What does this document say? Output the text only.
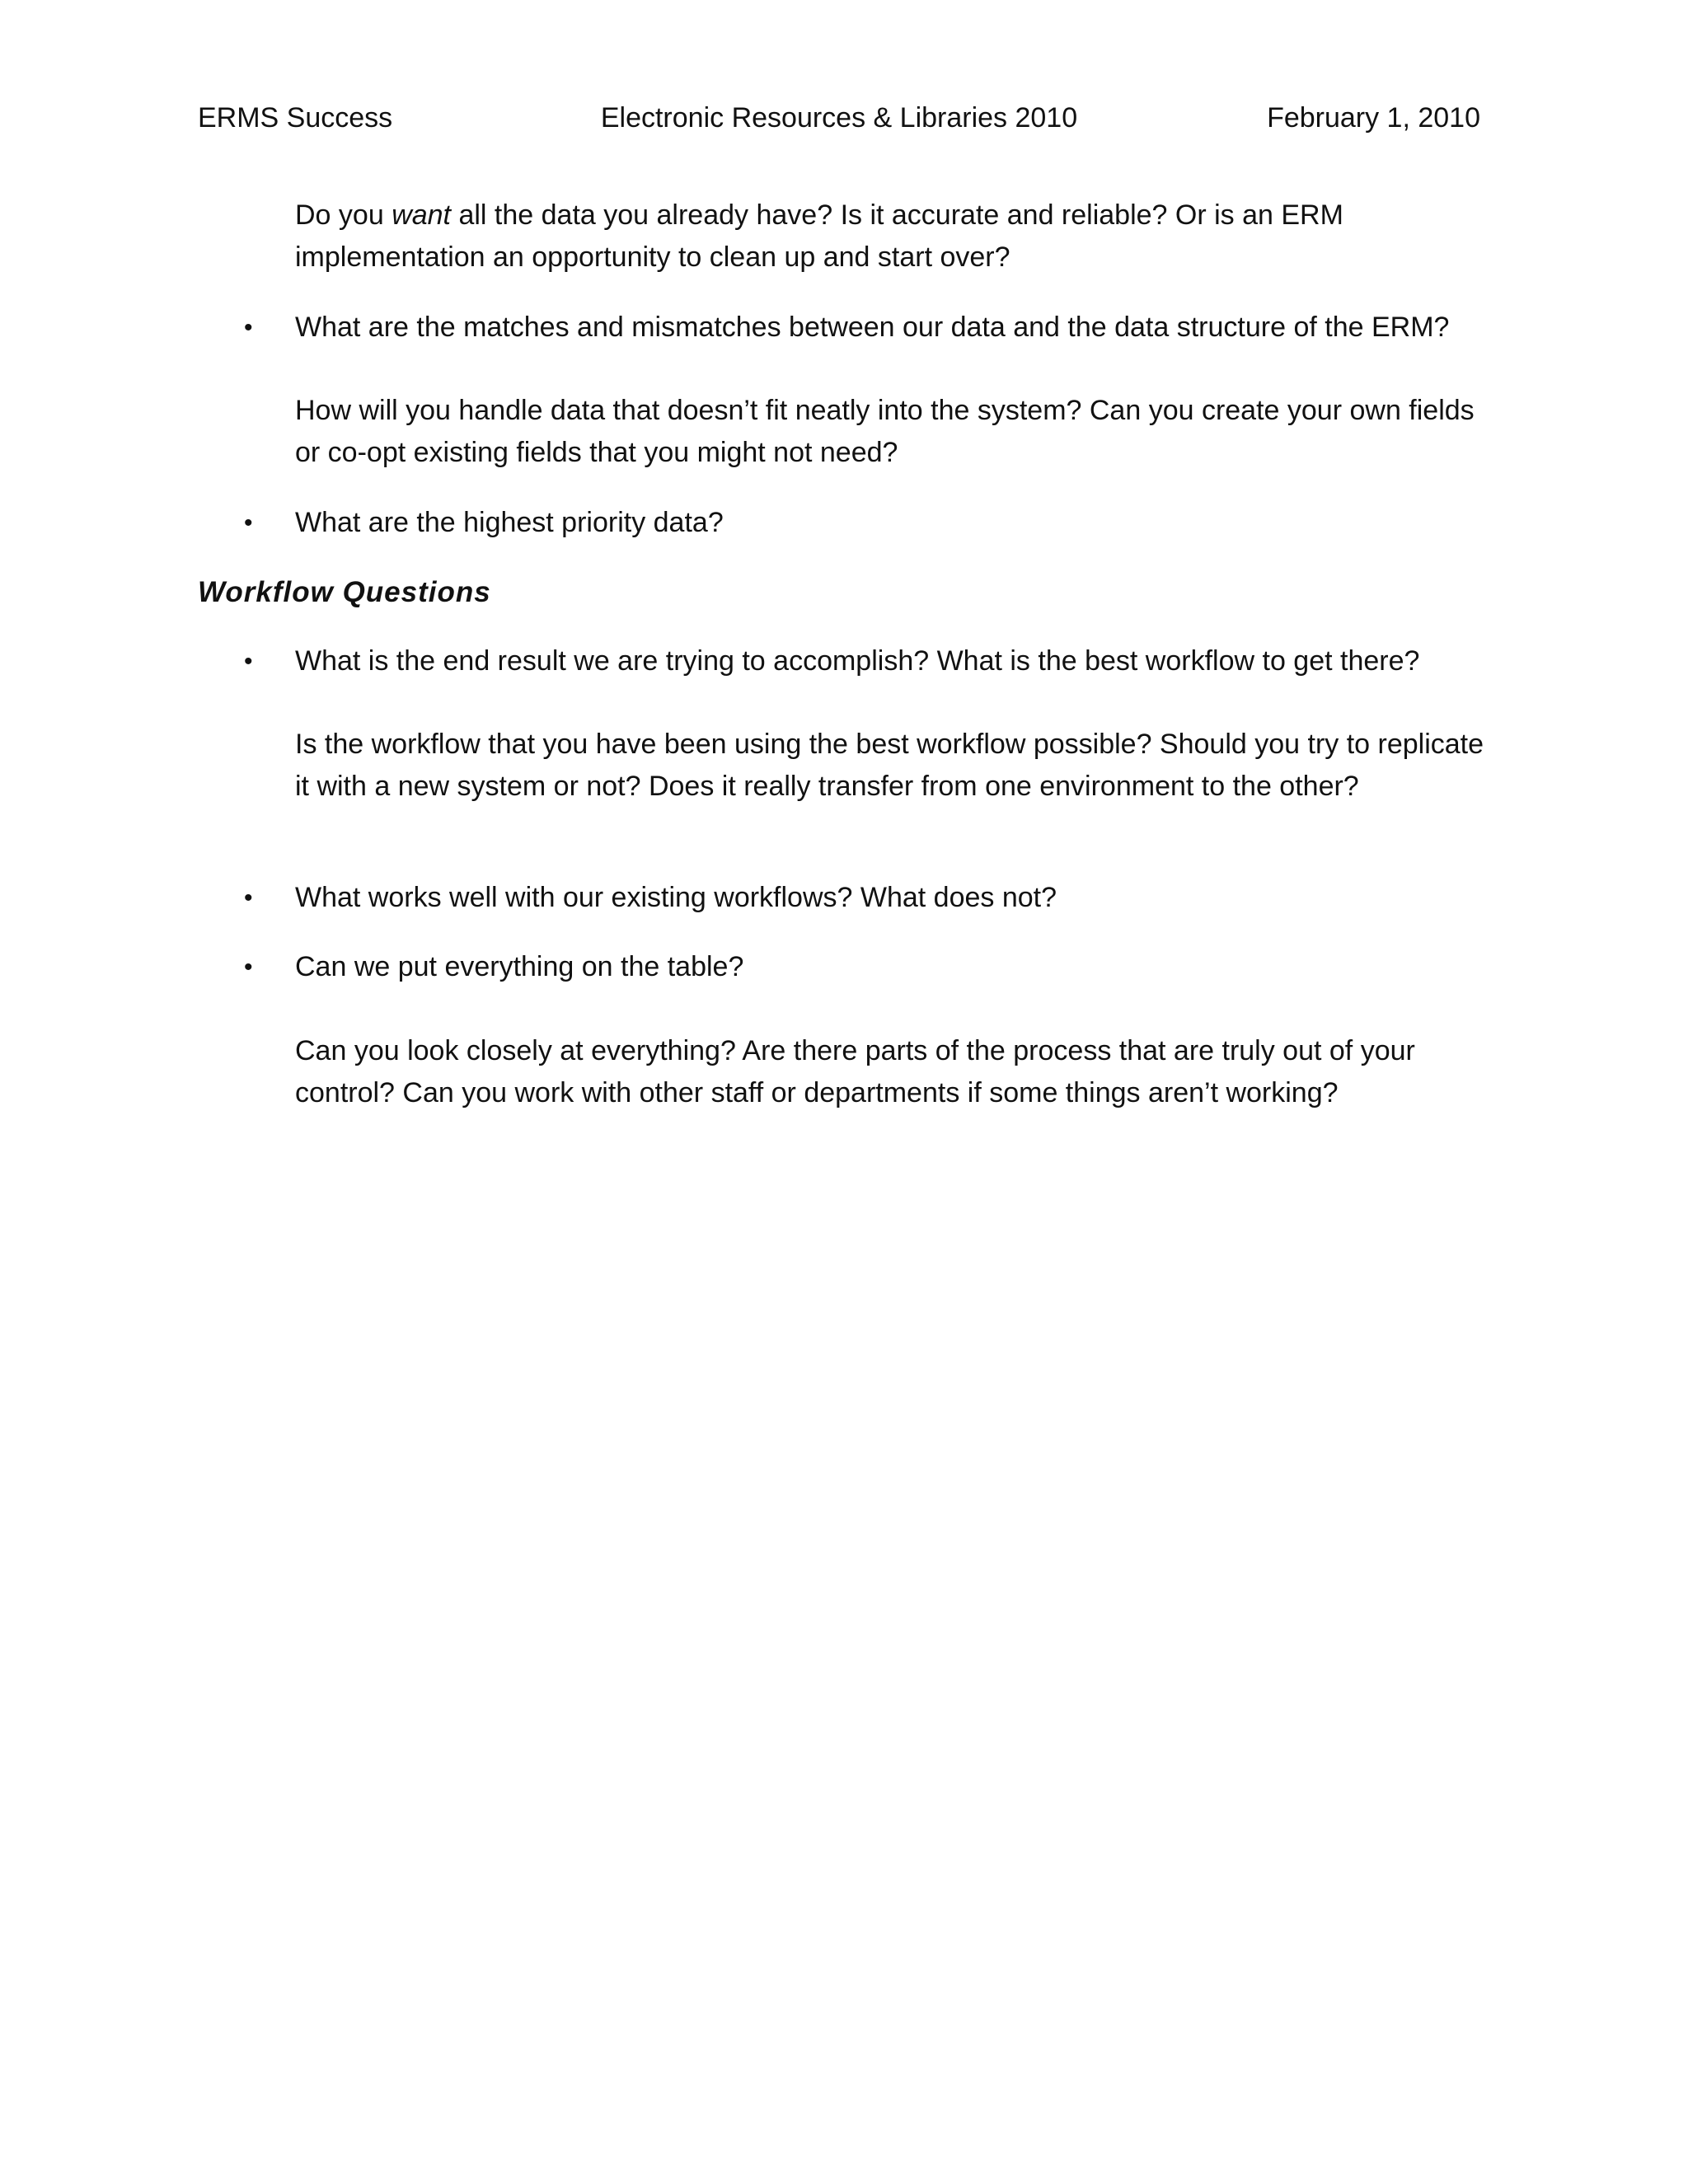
ERMS Success	Electronic Resources & Libraries 2010	February 1, 2010

Do you want all the data you already have? Is it accurate and reliable? Or is an ERM implementation an opportunity to clean up and start over?

•	What are the matches and mismatches between our data and the data structure of the ERM?

How will you handle data that doesn’t fit neatly into the system? Can you create your own fields or co-opt existing fields that you might not need?

•	What are the highest priority data?

Workflow Questions

•	What is the end result we are trying to accomplish? What is the best workflow to get there?

Is the workflow that you have been using the best workflow possible? Should you try to replicate it with a new system or not? Does it really transfer from one environment to the other?

•	What works well with our existing workflows? What does not?

•	Can we put everything on the table?

Can you look closely at everything? Are there parts of the process that are truly out of your control? Can you work with other staff or departments if some things aren’t working?
